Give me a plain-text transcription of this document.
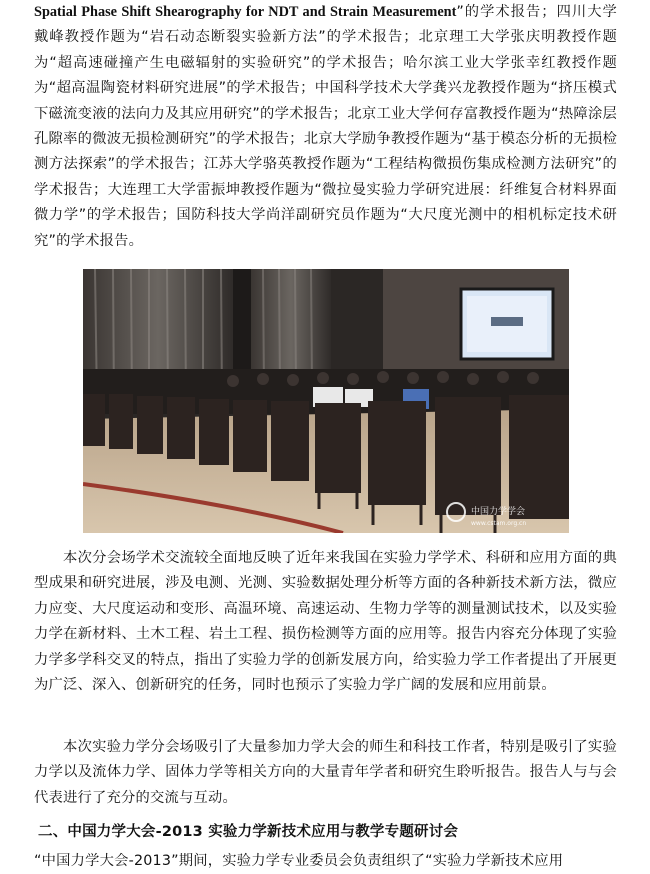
Spatial Phase Shift Shearography for NDT and Strain Measurement”的学术报告；四川大学戴峰教授作题为“岩石动态断裂实验新方法”的学术报告；北京理工大学张庆明教授作题为“超高速碰撞产生电磁辐射的实验研究”的学术报告；哈尔滨工业大学张幸红教授作题为“超高温陶瓷材料研究进展”的学术报告；中国科学技术大学龚兴龙教授作题为“挤压模式下磁流变液的法向力及其应用研究”的学术报告；北京工业大学何存富教授作题为“热障涂层孔隙率的微波无损检测研究”的学术报告；北京大学励争教授作题为“基于模态分析的无损检测方法探索”的学术报告；江苏大学骆英教授作题为“工程结构微损伤集成检测方法研究”的学术报告；大连理工大学雷振坤教授作题为“微拉曼实验力学研究进展：纤维复合材料界面微力学”的学术报告；国防科技大学尚洋副研究员作题为“大尺度光测中的相机标定技术研究”的学术报告。

中国力学学会
www.cstam.org.cn

本次分会场学术交流较全面地反映了近年来我国在实验力学学术、科研和应用方面的典型成果和研究进展，涉及电测、光测、实验数据处理分析等方面的各种新技术新方法，微应力应变、大尺度运动和变形、高温环境、高速运动、生物力学等的测量测试技术，以及实验力学在新材料、土木工程、岩土工程、损伤检测等方面的应用等。报告内容充分体现了实验力学多学科交叉的特点，指出了实验力学的创新发展方向，给实验力学工作者提出了开展更为广泛、深入、创新研究的任务，同时也预示了实验力学广阔的发展和应用前景。

本次实验力学分会场吸引了大量参加力学大会的师生和科技工作者，特别是吸引了实验力学以及流体力学、固体力学等相关方向的大量青年学者和研究生聆听报告。报告人与与会代表进行了充分的交流与互动。

二、中国力学大会-2013 实验力学新技术应用与教学专题研讨会

“中国力学大会-2013”期间，实验力学专业委员会负责组织了“实验力学新技术应用
